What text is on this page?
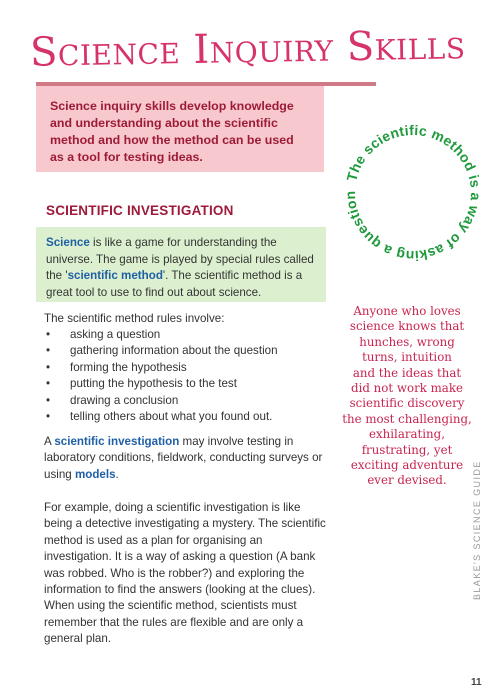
Science Inquiry Skills

Science inquiry skills develop knowledge and understanding about the scientific method and how the method can be used as a tool for testing ideas.

SCIENTIFIC INVESTIGATION
Science is like a game for understanding the universe. The game is played by special rules called the 'scientific method'. The scientific method is a great tool to use to find out about science.

The scientific method rules involve:

• asking a question
• gathering information about the question
• forming the hypothesis
• putting the hypothesis to the test
• drawing a conclusion
• telling others about what you found out.

A scientific investigation may involve testing in laboratory conditions, fieldwork, conducting surveys or using models.

For example, doing a scientific investigation is like being a detective investigating a mystery. The scientific method is used as a plan for organising an investigation. It is a way of asking a question (A bank was robbed. Who is the robber?) and exploring the information to find the answers (looking at the clues). When using the scientific method, scientists must remember that the rules are flexible and are only a general plan.

The scientific method is a way of asking a question

Anyone who loves
science knows that
hunches, wrong
turns, intuition
and the ideas that
did not work make
scientific discovery
the most challenging,
exhilarating,
frustrating, yet
exciting adventure
ever devised.	BLAKE'S SCIENCE GUIDE
11
